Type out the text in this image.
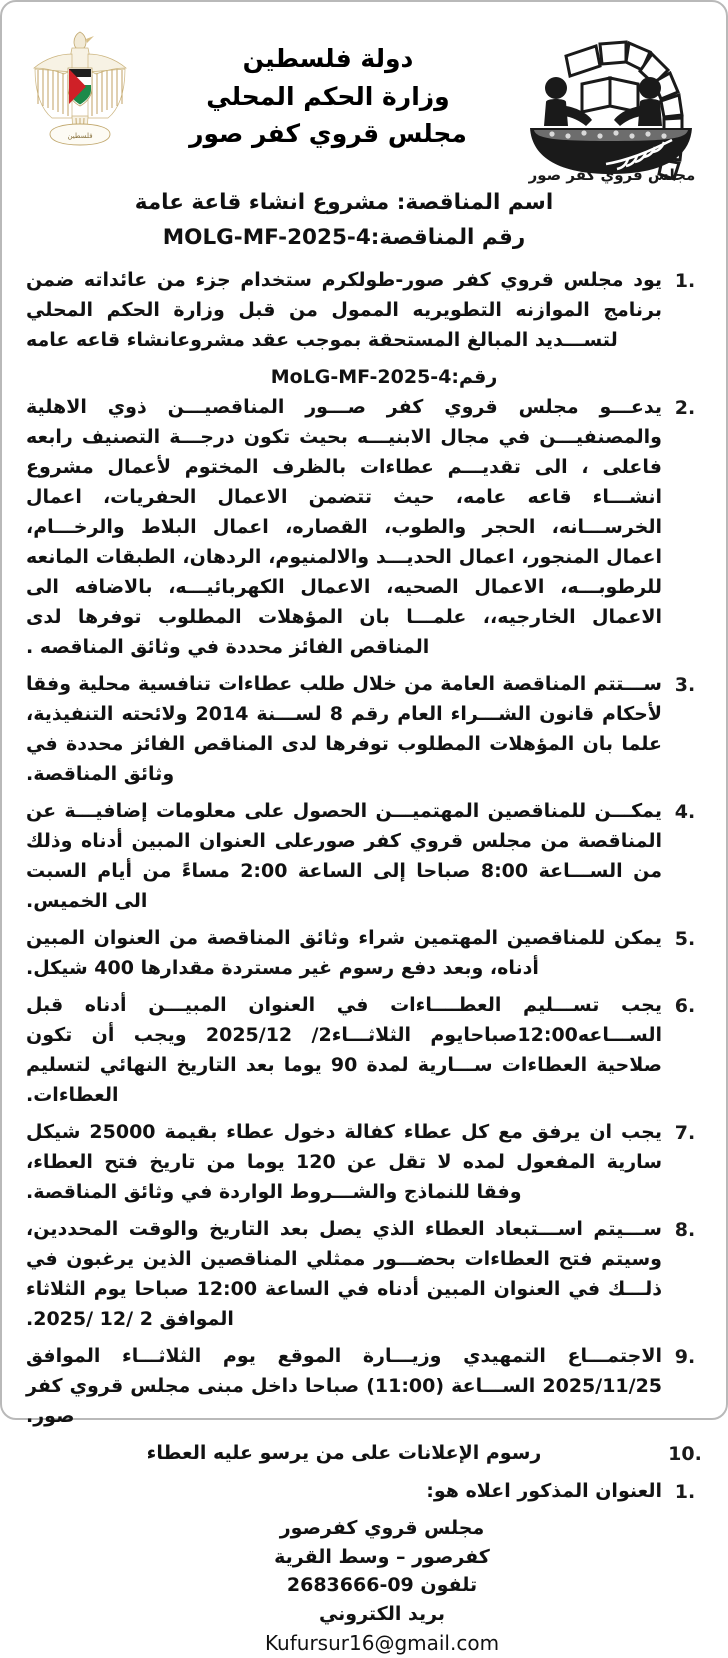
فلسطين
دولة فلسطين
وزارة الحكم المحلي
مجلس قروي كفر صور
مجلس قروي كفر صور
اسم المناقصة: مشروع انشاء قاعة عامة
رقم المناقصة:MOLG-MF-2025-4
.1
يود مجلس قروي كفر صور-طولكرم ستخدام جزء من عائداته ضمن برنامج الموازنه التطويريه الممول من قبل وزارة الحكم المحلي لتســـديد المبالغ المستحقة بموجب عقد مشروعانشاء قاعه عامه
رقم:MoLG-MF-2025-4
.2
يدعـــو مجلس قروي كفر صـــور المناقصيـــن ذوي الاهلية والمصنفيـــن في مجال الابنيـــه بحيث تكون درجـــة التصنيف رابعه فاعلى ، الى تقديـــم عطاءات بالظرف المختوم لأعمال مشروع انشـــاء قاعه عامه، حيث تتضمن الاعمال الحفريات، اعمال الخرســـانه، الحجر والطوب، القصاره، اعمال البلاط والرخـــام، اعمال المنجور، اعمال الحديـــد والالمنيوم، الردهان، الطبقات المانعه للرطوبـــه، الاعمال الصحيه، الاعمال الكهربائيـــه، بالاضافه الى الاعمال الخارجيه،، علمـــا بان المؤهلات المطلوب توفرها لدى المناقص الفائز محددة في وثائق المناقصه .
.3
ســـتتم المناقصة العامة من خلال طلب عطاءات تنافسية محلية وفقا لأحكام قانون الشـــراء العام رقم 8 لســـنة 2014 ولائحته التنفيذية، علما بان المؤهلات المطلوب توفرها لدى المناقص الفائز محددة في وثائق المناقصة.
.4
يمكـــن للمناقصين المهتميـــن الحصول على معلومات إضافيـــة عن المناقصة من مجلس قروي كفر صورعلى العنوان المبين أدناه وذلك من الســـاعة 8:00 صباحا إلى الساعة 2:00 مساءً من أيام السبت الى الخميس.
.5
يمكن للمناقصين المهتمين شراء وثائق المناقصة من العنوان المبين أدناه، وبعد دفع رسوم غير مستردة مقدارها 400 شيكل.
.6
يجب تســـليم العطــــاءات في العنوان المبيـــن أدناه قبل الســـاعه12:00صباحايوم الثلاثـــاء2/ 2025/12 ويجب أن تكون صلاحية العطاءات ســـارية لمدة 90 يوما بعد التاريخ النهائي لتسليم العطاءات.
.7
يجب ان يرفق مع كل عطاء كفالة دخول عطاء بقيمة 25000 شيكل سارية المفعول لمده لا تقل عن 120 يوما من تاريخ فتح العطاء، وفقا للنماذج والشـــروط الواردة في وثائق المناقصة.
.8
ســـيتم اســـتبعاد العطاء الذي يصل بعد التاريخ والوقت المحددين، وسيتم فتح العطاءات بحضـــور ممثلي المناقصين الذين يرغبون في ذلـــك في العنوان المبين أدناه في الساعة 12:00 صباحا يوم الثلاثاء الموافق 2 /12 /2025.
.9
الاجتمـــاع التمهيدي وزيـــارة الموقع يوم الثلاثـــاء الموافق 2025/11/25 الســـاعة (11:00) صباحا داخل مبنى مجلس قروي كفر صور.
.10
رسوم الإعلانات على من يرسو عليه العطاء
.1
العنوان المذكور اعلاه هو:
مجلس قروي كفرصور
كفرصور – وسط القرية
تلفون 09-2683666
بريد الكتروني
Kufursur16@gmail.com
